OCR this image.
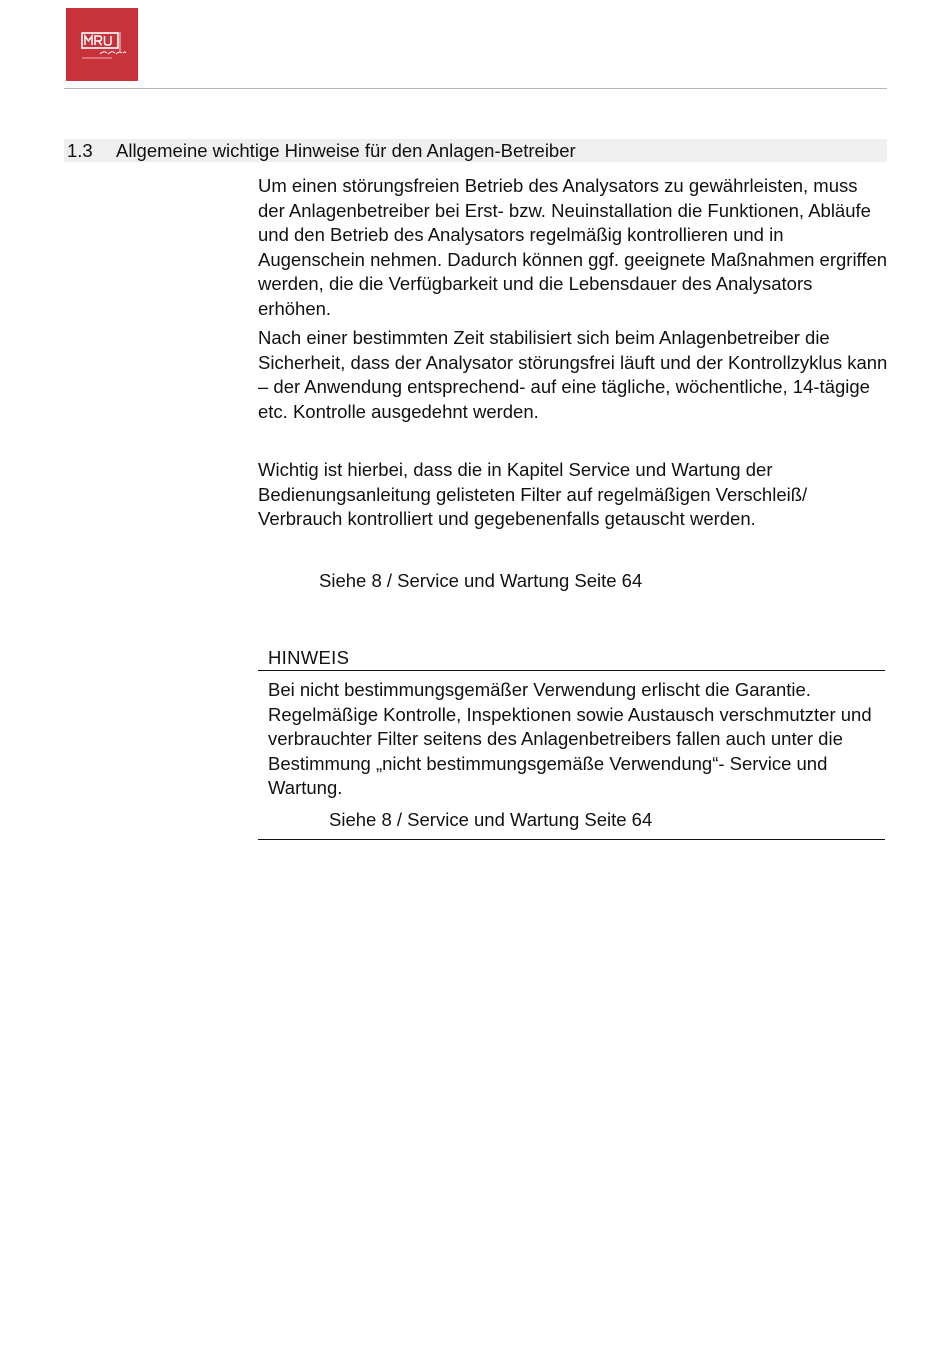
1.3 Allgemeine wichtige Hinweise für den Anlagen-Betreiber

Um einen störungsfreien Betrieb des Analysators zu gewährleisten, muss der Anlagenbetreiber bei Erst- bzw. Neuinstallation die Funktionen, Abläufe und den Betrieb des Analysators regelmäßig kontrollieren und in Augenschein nehmen. Dadurch können ggf. geeignete Maßnahmen ergriffen werden, die die Verfügbarkeit und die Lebensdauer des Analysators erhöhen.

Nach einer bestimmten Zeit stabilisiert sich beim Anlagenbetreiber die Sicherheit, dass der Analysator störungsfrei läuft und der Kontrollzyklus kann – der Anwendung entsprechend- auf eine tägliche, wöchentliche, 14-tägige etc. Kontrolle ausgedehnt werden.

Wichtig ist hierbei, dass die in Kapitel Service und Wartung der Bedienungsanleitung gelisteten Filter auf regelmäßigen Verschleiß/ Verbrauch kontrolliert und gegebenenfalls getauscht werden.

Siehe 8 / Service und Wartung Seite 64
HINWEIS

Bei nicht bestimmungsgemäßer Verwendung erlischt die Garantie. Regelmäßige Kontrolle, Inspektionen sowie Austausch verschmutzter und verbrauchter Filter seitens des Anlagenbetreibers fallen auch unter die Bestimmung „nicht bestimmungsgemäße Verwendung“- Service und Wartung.

Siehe 8 / Service und Wartung Seite 64
